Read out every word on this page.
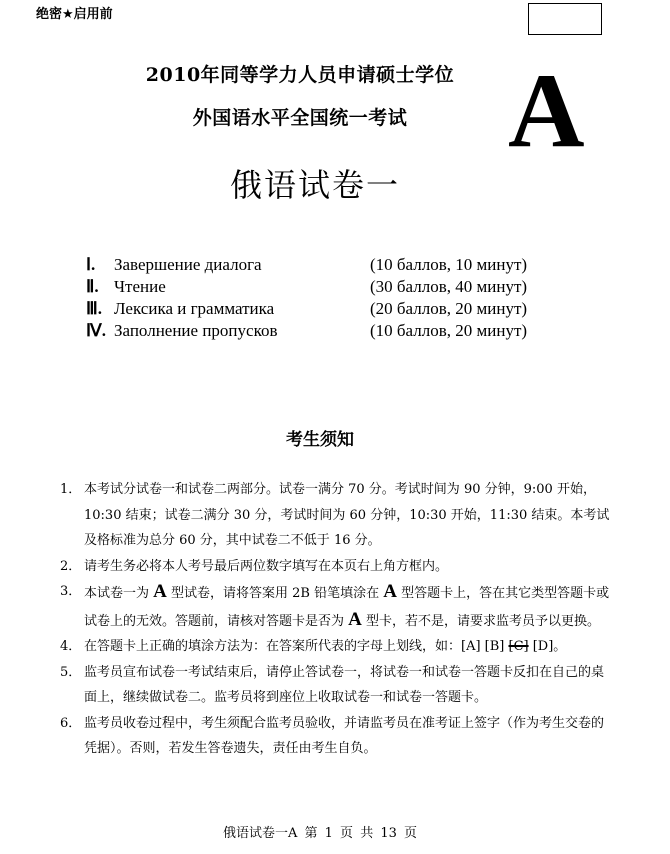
绝密★启用前
2010年同等学力人员申请硕士学位
外国语水平全国统一考试 A
俄语试卷一
Ⅰ. Завершение диалога	(10 баллов, 10 минут)
Ⅱ. Чтение	(30 баллов, 40 минут)
Ⅲ. Лексика и грамматика	(20 баллов, 20 минут)
Ⅳ. Заполнение пропусков	(10 баллов, 20 минут)
考生须知
1． 本考试分试卷一和试卷二两部分。试卷一满分 70 分。考试时间为 90 分钟，9:00 开始，10:30 结束；试卷二满分 30 分，考试时间为 60 分钟，10:30 开始，11:30 结束。本考试及格标准为总分 60 分，其中试卷二不低于 16 分。
2． 请考生务必将本人考号最后两位数字填写在本页右上角方框内。
3． 本试卷一为 A 型试卷，请将答案用 2B 铅笔填涂在 A 型答题卡上，答在其它类型答题卡或试卷上的无效。答题前，请核对答题卡是否为 A 型卡，若不是，请要求监考员予以更换。
4． 在答题卡上正确的填涂方法为：在答案所代表的字母上划线，如：[A] [B] [C] [D]。
5． 监考员宣布试卷一考试结束后，请停止答试卷一，将试卷一和试卷一答题卡反扣在自己的桌面上，继续做试卷二。监考员将到座位上收取试卷一和试卷一答题卡。
6． 监考员收卷过程中，考生须配合监考员验收，并请监考员在准考证上签字（作为考生交卷的凭据）。否则，若发生答卷遗失，责任由考生自负。
俄语试卷一A 第 1 页 共 13 页
